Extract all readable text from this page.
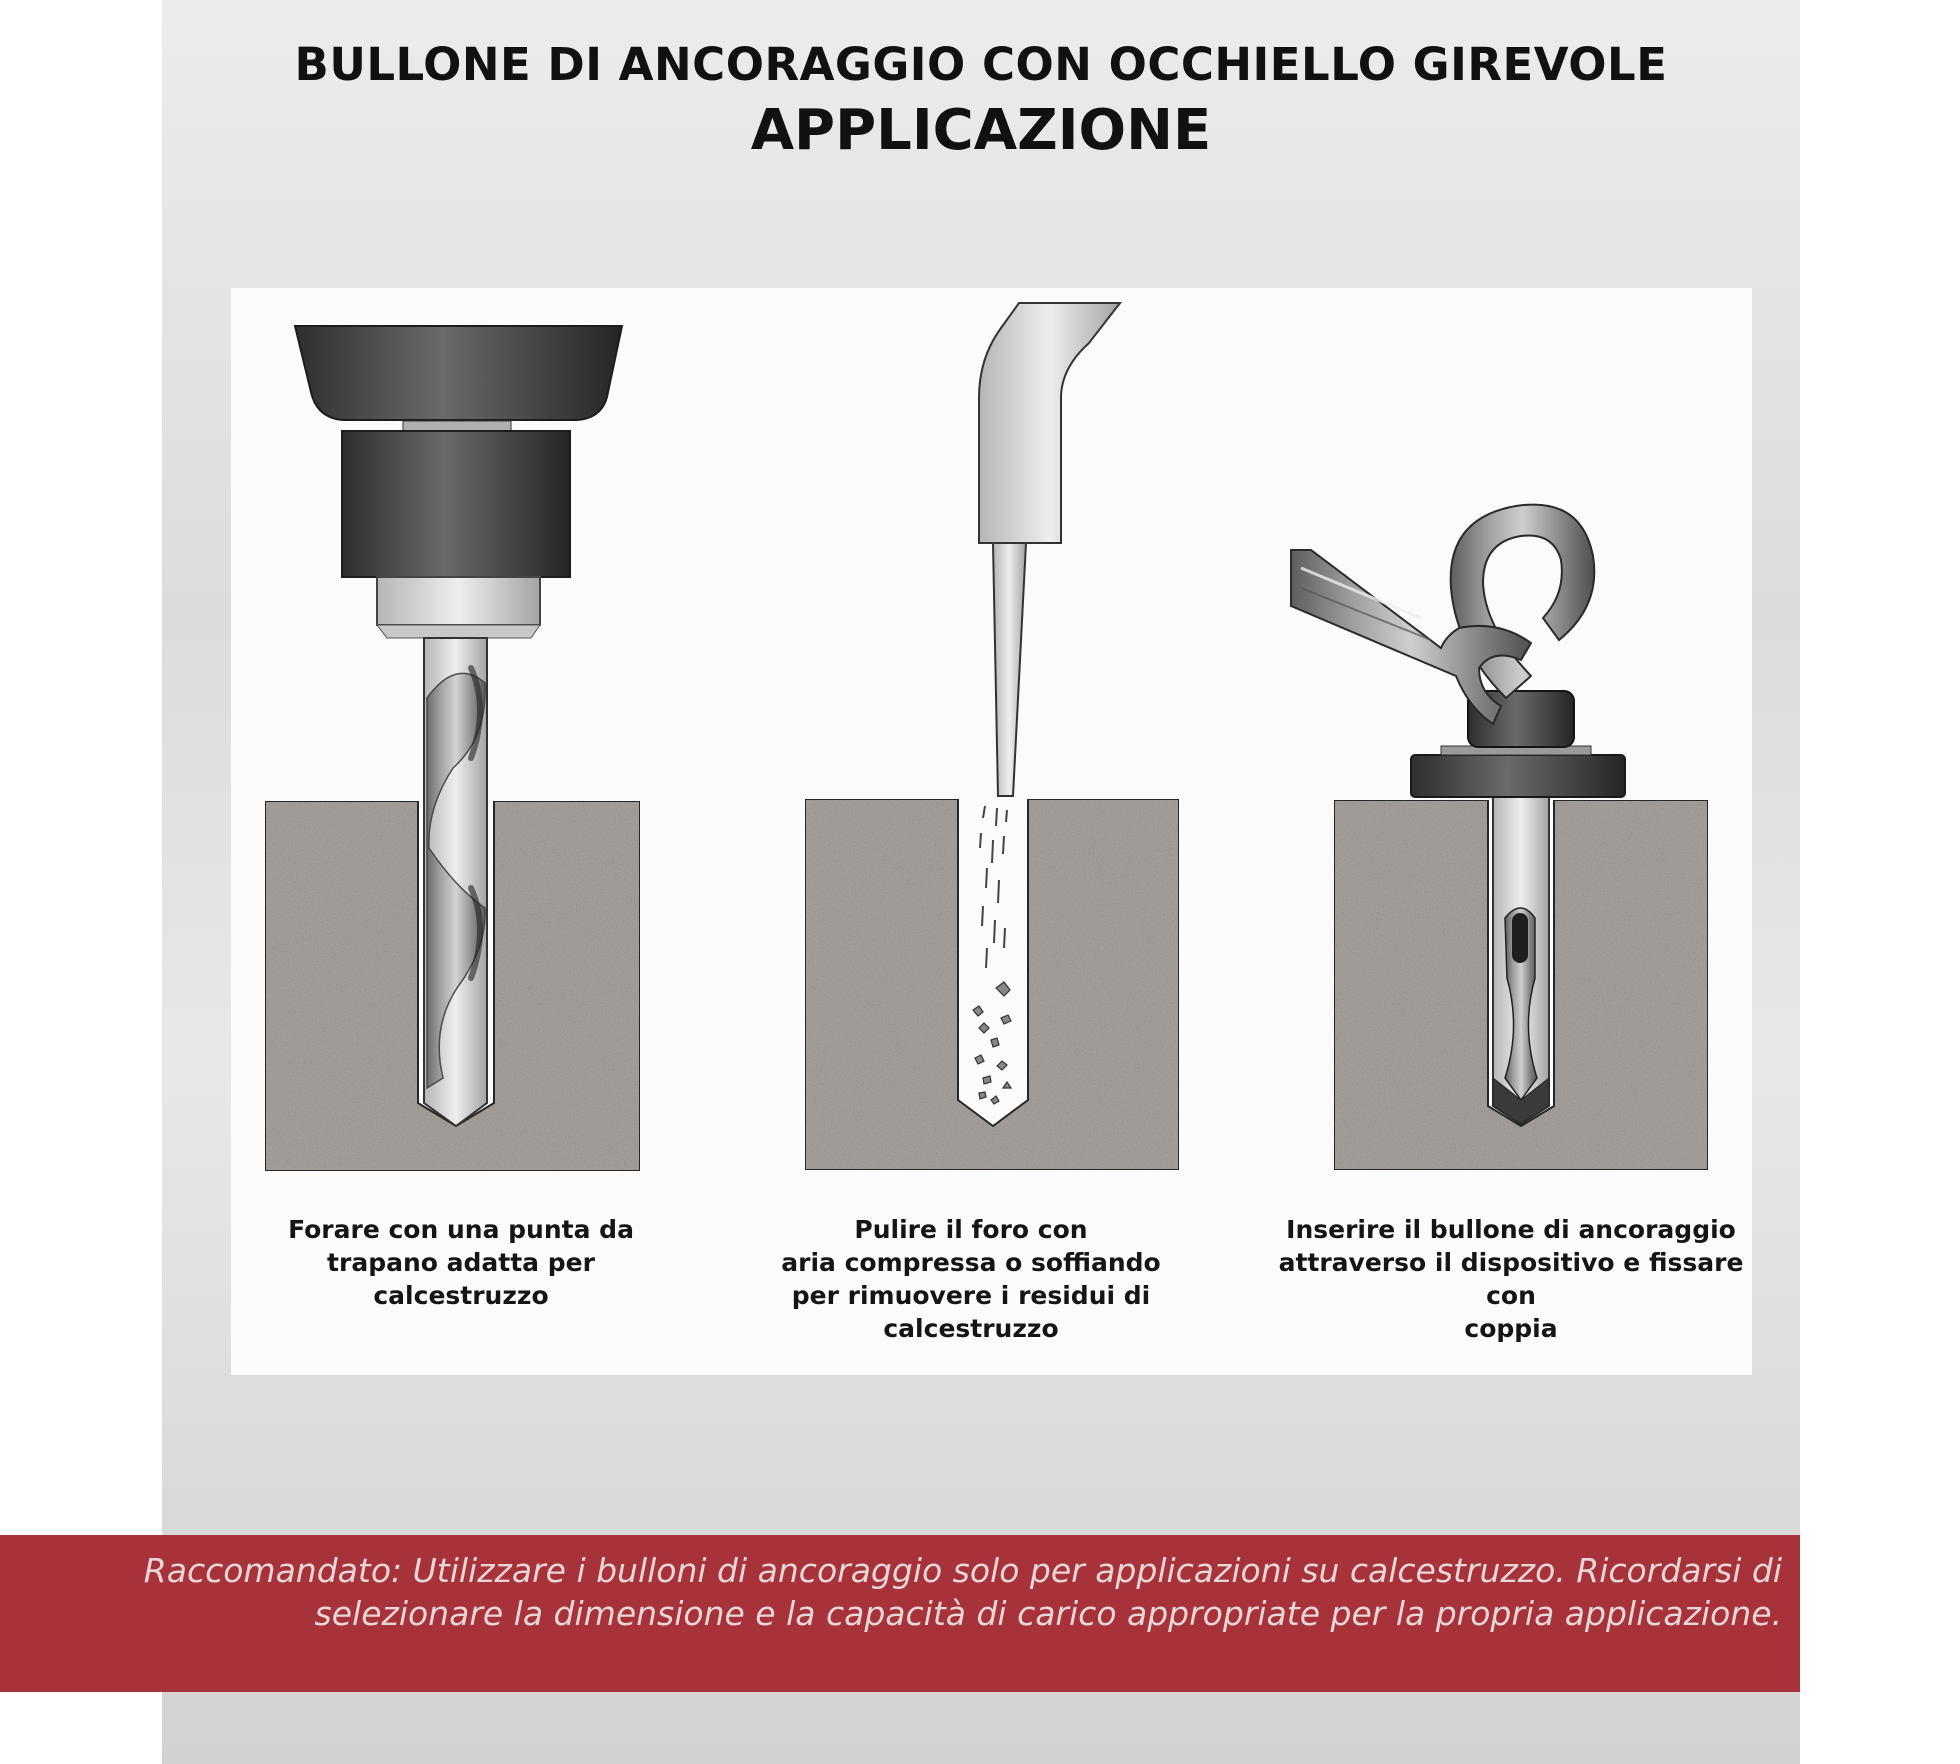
BULLONE DI ANCORAGGIO CON OCCHIELLO GIREVOLE
APPLICAZIONE
Forare con una punta da
trapano adatta per calcestruzzo
Pulire il foro con
aria compressa o soffiando
per rimuovere i residui di calcestruzzo
Inserire il bullone di ancoraggio
attraverso il dispositivo e fissare con
coppia
Raccomandato: Utilizzare i bulloni di ancoraggio solo per applicazioni su calcestruzzo. Ricordarsi di
selezionare la dimensione e la capacità di carico appropriate per la propria applicazione.
